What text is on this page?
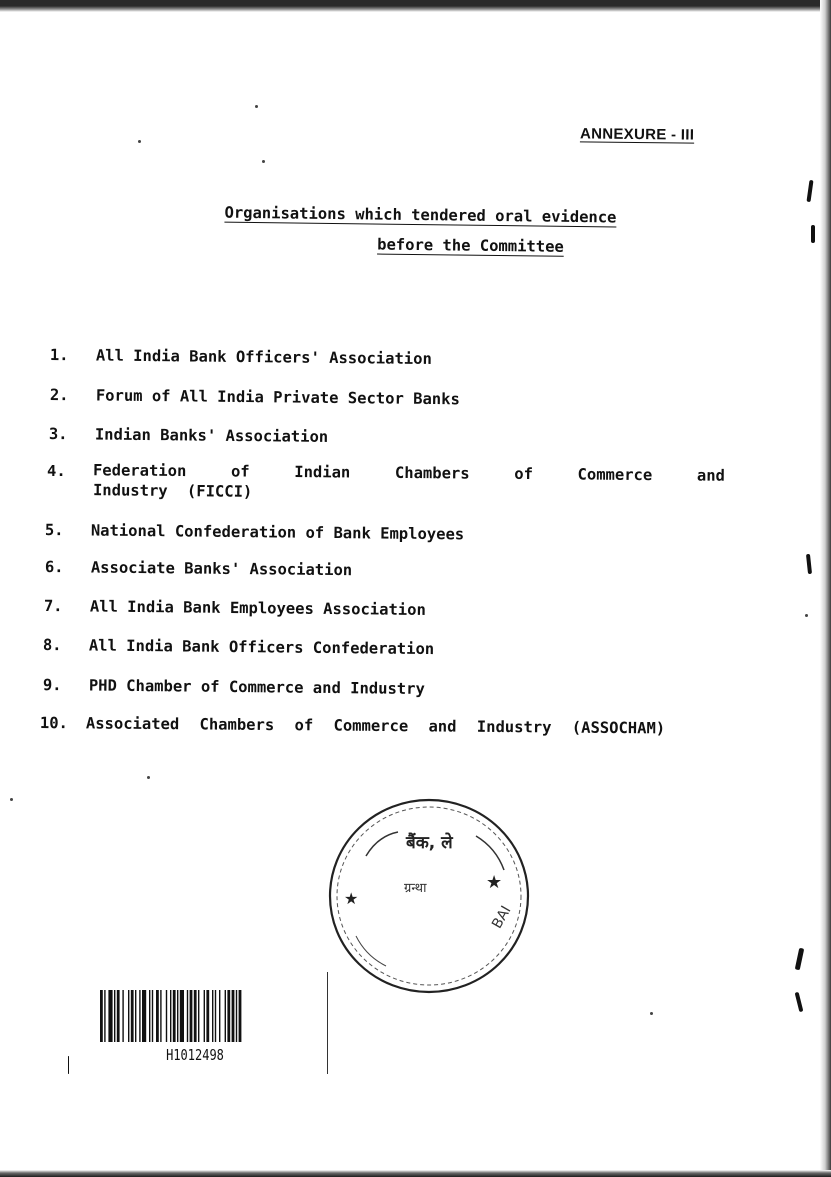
ANNEXURE - III
Organisations which tendered oral evidence
before the Committee
1. All India Bank Officers' Association
2. Forum of All India Private Sector Banks
3. Indian Banks' Association
4. Federation	of	Indian	Chambers	of	Commerce	and
Industry (FICCI)
5. National Confederation of Bank Employees
6. Associate Banks' Association
7. All India Bank Employees Association
8. All India Bank Officers Confederation
9. PHD Chamber of Commerce and Industry
10. Associated Chambers of Commerce and Industry (ASSOCHAM)
बैंक, ले
ग्रन्था
★
★
BAI
H1012498
